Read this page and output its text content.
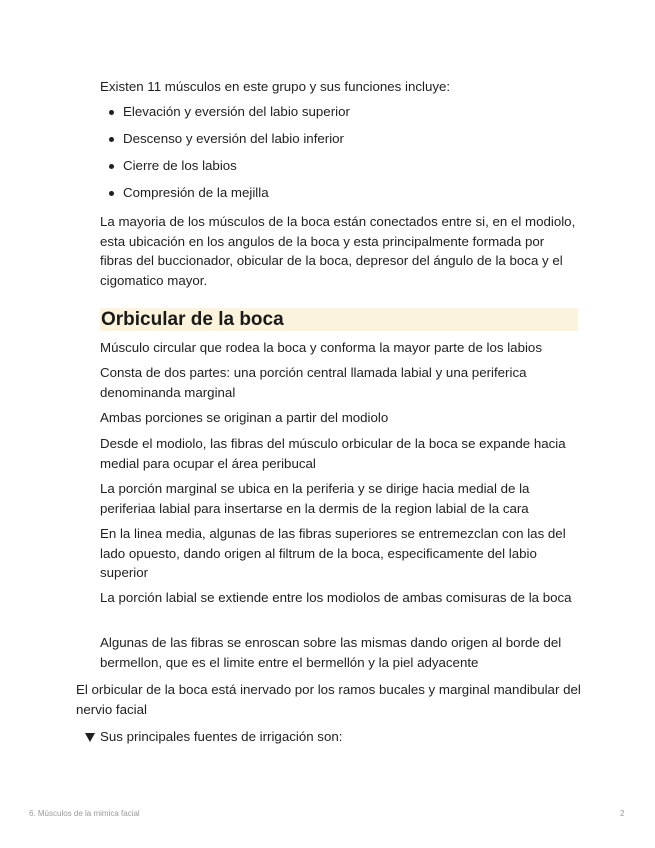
Existen 11 músculos en este grupo y sus funciones incluye:

Elevación y eversión del labio superior
Descenso y eversión del labio inferior
Cierre de los labios
Compresión de la mejilla

La mayoria de los músculos de la boca están conectados entre si, en el modiolo, esta ubicación en los angulos de la boca y esta principalmente formada por fibras del buccionador, obicular de la boca, depresor del ángulo de la boca y el cigomatico mayor.

Orbicular de la boca

Músculo circular que rodea la boca y conforma la mayor parte de los labios

Consta de dos partes: una porción central llamada labial y una periferica denominanda marginal

Ambas porciones se originan a partir del modiolo

Desde el modiolo, las fibras del músculo orbicular de la boca se expande hacia medial para ocupar el área peribucal

La porción marginal se ubica en la periferia y se dirige hacia medial de la periferiaa labial para insertarse en la dermis de la region labial de la cara

En la linea media, algunas de las fibras superiores se entremezclan con las del lado opuesto, dando origen al filtrum de la boca, especificamente del labio superior

La porción labial se extiende entre los modiolos de ambas comisuras de la boca

Algunas de las fibras se enroscan sobre las mismas dando origen al borde del bermellon, que es el limite entre el bermellón y la piel adyacente

El orbicular de la boca está inervado por los ramos bucales y marginal mandibular del nervio facial

Sus principales fuentes de irrigación son:
6. Músculos de la mimica facial	2
